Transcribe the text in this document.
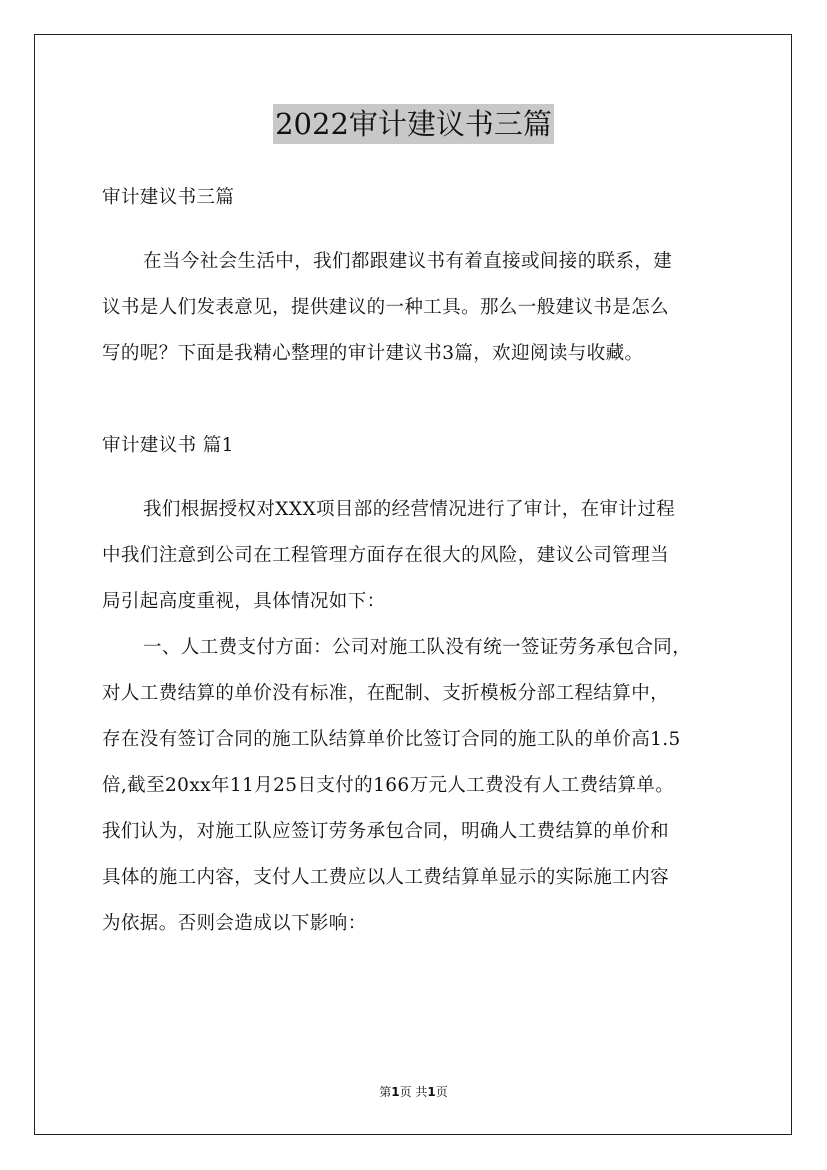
2022审计建议书三篇
审计建议书三篇
在当今社会生活中，我们都跟建议书有着直接或间接的联系，建
议书是人们发表意见，提供建议的一种工具。那么一般建议书是怎么
写的呢？下面是我精心整理的审计建议书3篇，欢迎阅读与收藏。
审计建议书 篇1
我们根据授权对XXX项目部的经营情况进行了审计，在审计过程
中我们注意到公司在工程管理方面存在很大的风险，建议公司管理当
局引起高度重视，具体情况如下：
一、人工费支付方面：公司对施工队没有统一签证劳务承包合同，
对人工费结算的单价没有标准，在配制、支折模板分部工程结算中，
存在没有签订合同的施工队结算单价比签订合同的施工队的单价高1.5
倍,截至20xx年11月25日支付的166万元人工费没有人工费结算单。
我们认为，对施工队应签订劳务承包合同，明确人工费结算的单价和
具体的施工内容，支付人工费应以人工费结算单显示的实际施工内容
为依据。否则会造成以下影响：
第1页 共1页
